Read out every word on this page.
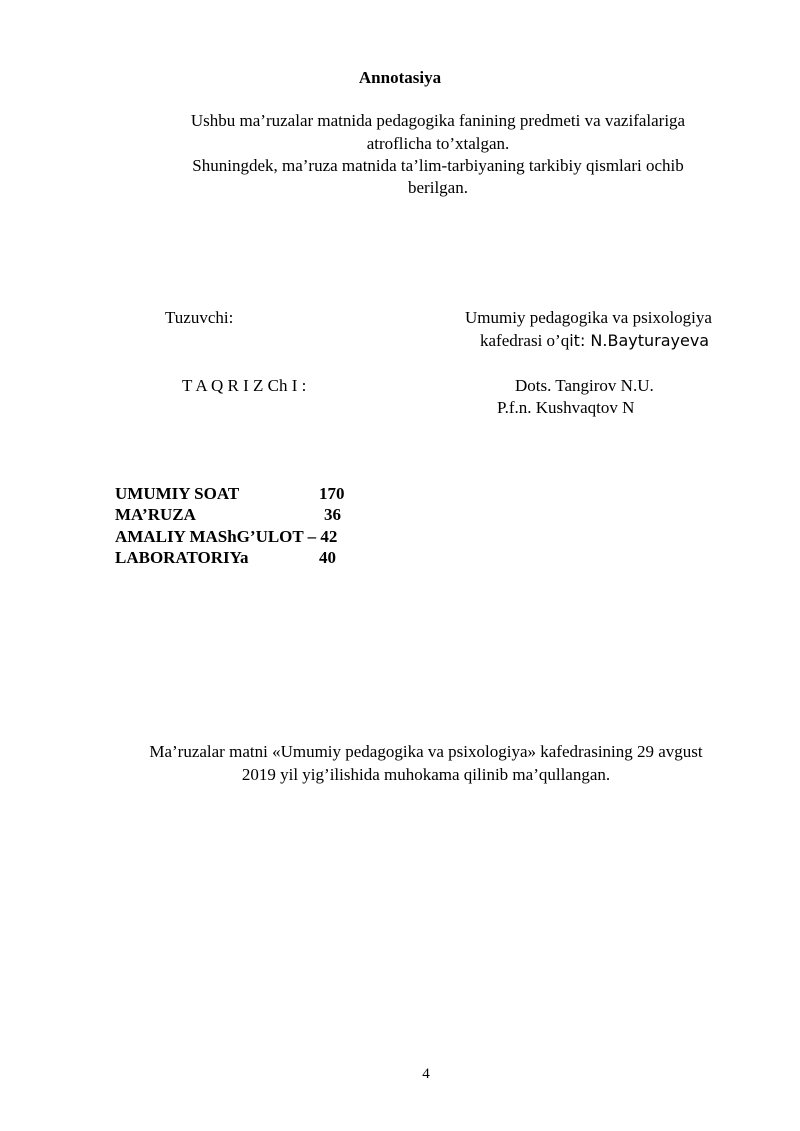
Annotasiya
Ushbu ma’ruzalar matnida pedagogika fanining predmeti va vazifalariga
atroflicha to’xtalgan.
Shuningdek, ma’ruza matnida ta’lim-tarbiyaning tarkibiy qismlari ochib
berilgan.
Tuzuvchi:	Umumiy pedagogika va psixologiya
kafedrasi o’qit: N.Bayturayeva
T A Q R I Z Ch I :	Dots. Tangirov N.U.
P.f.n. Kushvaqtov N
UMUMIY SOAT	170
MA’RUZA	36
AMALIY MAShG’ULOT – 42
LABORATORIYa	40
Ma’ruzalar matni «Umumiy pedagogika va psixologiya» kafedrasining 29 avgust
2019 yil yig’ilishida muhokama qilinib ma’qullangan.
4
